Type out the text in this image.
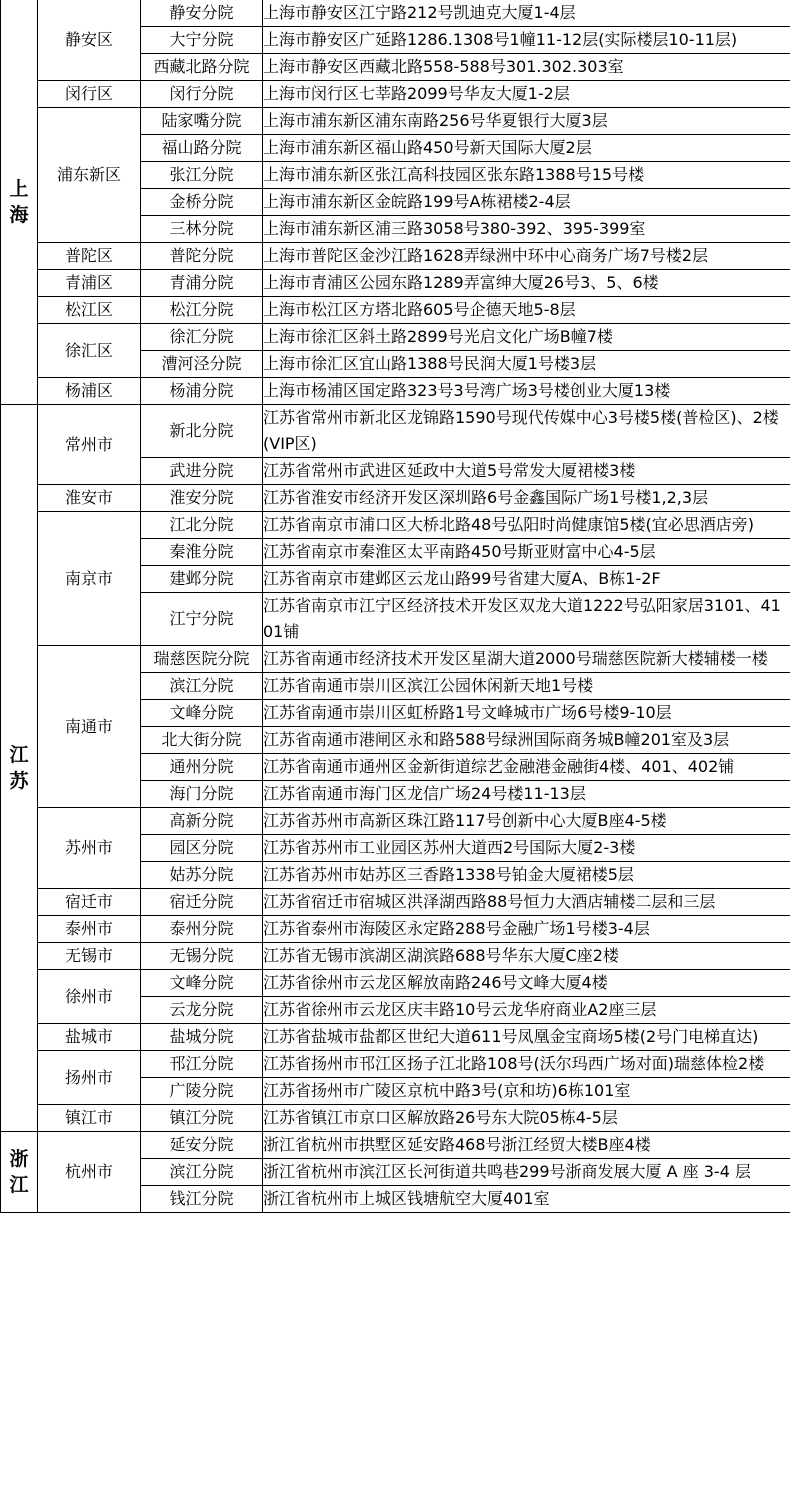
上
海	静安区	静安分院	上海市静安区江宁路212号凯迪克大厦1-4层
		大宁分院	上海市静安区广延路1286.1308号1幢11-12层(实际楼层10-11层)
		西藏北路分院	上海市静安区西藏北路558-588号301.302.303室
	闵行区	闵行分院	上海市闵行区七莘路2099号华友大厦1-2层
	浦东新区	陆家嘴分院	上海市浦东新区浦东南路256号华夏银行大厦3层
		福山路分院	上海市浦东新区福山路450号新天国际大厦2层
		张江分院	上海市浦东新区张江高科技园区张东路1388号15号楼
		金桥分院	上海市浦东新区金皖路199号A栋裙楼2-4层
		三林分院	上海市浦东新区浦三路3058号380-392、395-399室
	普陀区	普陀分院	上海市普陀区金沙江路1628弄绿洲中环中心商务广场7号楼2层
	青浦区	青浦分院	上海市青浦区公园东路1289弄富绅大厦26号3、5、6楼
	松江区	松江分院	上海市松江区方塔北路605号企德天地5-8层
	徐汇区	徐汇分院	上海市徐汇区斜土路2899号光启文化广场B幢7楼
		漕河泾分院	上海市徐汇区宜山路1388号民润大厦1号楼3层
	杨浦区	杨浦分院	上海市杨浦区国定路323号3号湾广场3号楼创业大厦13楼

江
苏	常州市	新北分院	江苏省常州市新北区龙锦路1590号现代传媒中心3号楼5楼(普检区)、2楼(VIP区)
		武进分院	江苏省常州市武进区延政中大道5号常发大厦裙楼3楼
	淮安市	淮安分院	江苏省淮安市经济开发区深圳路6号金鑫国际广场1号楼1,2,3层
	南京市	江北分院	江苏省南京市浦口区大桥北路48号弘阳时尚健康馆5楼(宜必思酒店旁)
		秦淮分院	江苏省南京市秦淮区太平南路450号斯亚财富中心4-5层
		建邺分院	江苏省南京市建邺区云龙山路99号省建大厦A、B栋1-2F
		江宁分院	江苏省南京市江宁区经济技术开发区双龙大道1222号弘阳家居3101、4101铺
	南通市	瑞慈医院分院	江苏省南通市经济技术开发区星湖大道2000号瑞慈医院新大楼辅楼一楼
		滨江分院	江苏省南通市崇川区滨江公园休闲新天地1号楼
		文峰分院	江苏省南通市崇川区虹桥路1号文峰城市广场6号楼9-10层
		北大街分院	江苏省南通市港闸区永和路588号绿洲国际商务城B幢201室及3层
		通州分院	江苏省南通市通州区金新街道综艺金融港金融街4楼、401、402铺
		海门分院	江苏省南通市海门区龙信广场24号楼11-13层
	苏州市	高新分院	江苏省苏州市高新区珠江路117号创新中心大厦B座4-5楼
		园区分院	江苏省苏州市工业园区苏州大道西2号国际大厦2-3楼
		姑苏分院	江苏省苏州市姑苏区三香路1338号铂金大厦裙楼5层
	宿迁市	宿迁分院	江苏省宿迁市宿城区洪泽湖西路88号恒力大酒店辅楼二层和三层
	泰州市	泰州分院	江苏省泰州市海陵区永定路288号金融广场1号楼3-4层
	无锡市	无锡分院	江苏省无锡市滨湖区湖滨路688号华东大厦C座2楼
	徐州市	文峰分院	江苏省徐州市云龙区解放南路246号文峰大厦4楼
		云龙分院	江苏省徐州市云龙区庆丰路10号云龙华府商业A2座三层
	盐城市	盐城分院	江苏省盐城市盐都区世纪大道611号凤凰金宝商场5楼(2号门电梯直达)
	扬州市	邗江分院	江苏省扬州市邗江区扬子江北路108号(沃尔玛西广场对面)瑞慈体检2楼
		广陵分院	江苏省扬州市广陵区京杭中路3号(京和坊)6栋101室
	镇江市	镇江分院	江苏省镇江市京口区解放路26号东大院05栋4-5层

浙
江	杭州市	延安分院	浙江省杭州市拱墅区延安路468号浙江经贸大楼B座4楼
		滨江分院	浙江省杭州市滨江区长河街道共鸣巷299号浙商发展大厦 A 座 3-4 层
		钱江分院	浙江省杭州市上城区钱塘航空大厦401室
